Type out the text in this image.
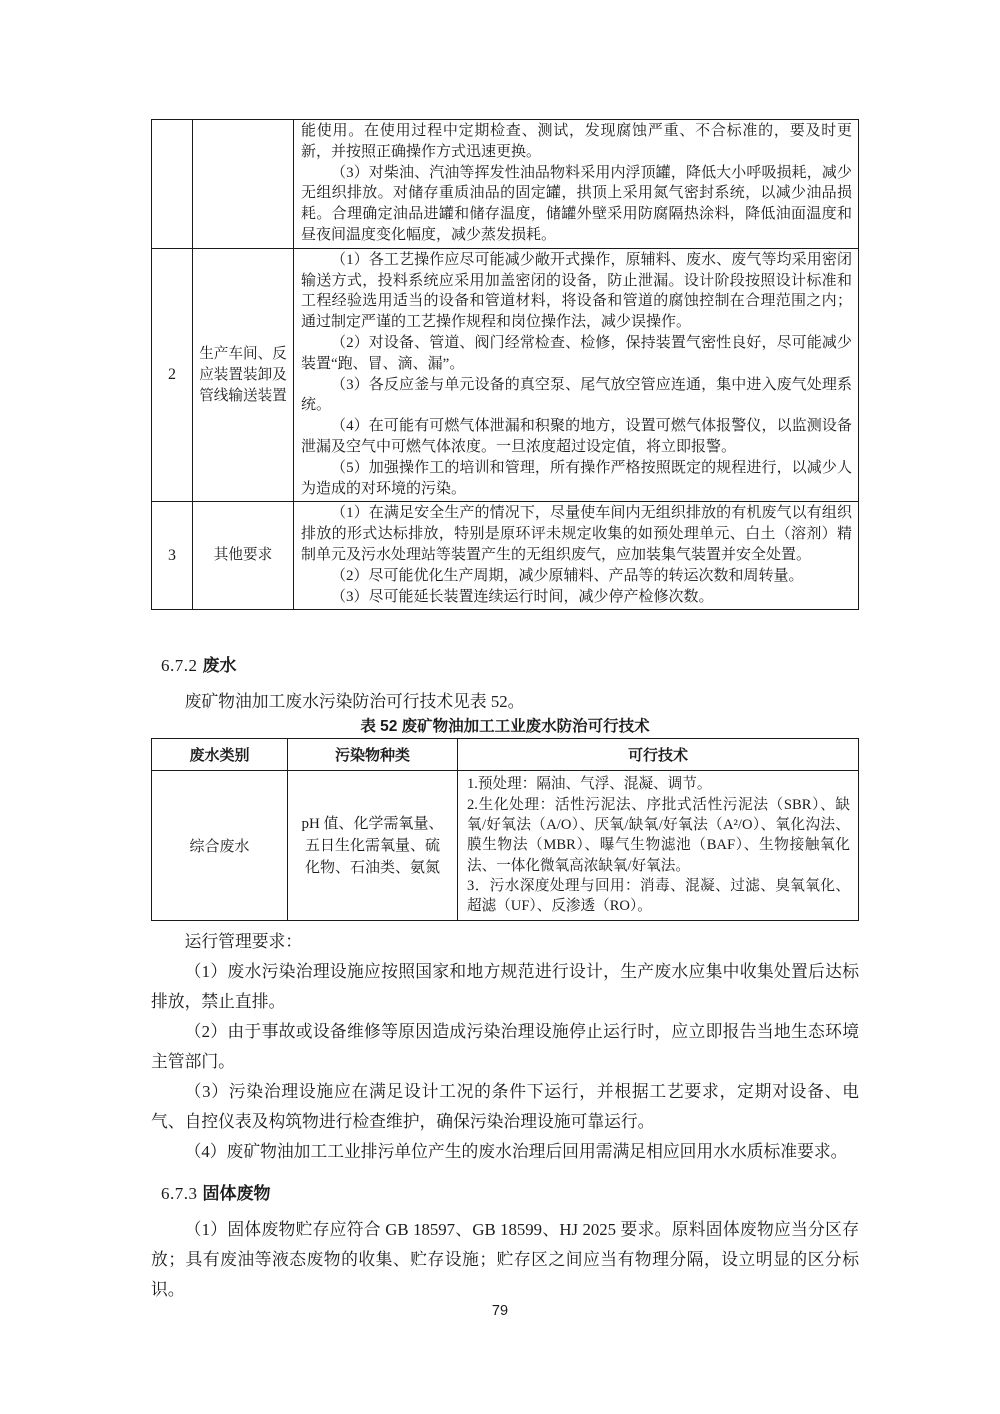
		能使用。在使用过程中定期检查、测试，发现腐蚀严重、不合标准的，要及时更新，并按照正确操作方式迅速更换。

（3）对柴油、汽油等挥发性油品物料采用内浮顶罐，降低大小呼吸损耗，减少无组织排放。对储存重质油品的固定罐，拱顶上采用氮气密封系统，以减少油品损耗。合理确定油品进罐和储存温度，储罐外壁采用防腐隔热涂料，降低油面温度和昼夜间温度变化幅度，减少蒸发损耗。

2	生产车间、反应装置装卸及管线输送装置	（1）各工艺操作应尽可能减少敞开式操作，原辅料、废水、废气等均采用密闭输送方式，投料系统应采用加盖密闭的设备，防止泄漏。设计阶段按照设计标准和工程经验选用适当的设备和管道材料，将设备和管道的腐蚀控制在合理范围之内；通过制定严谨的工艺操作规程和岗位操作法，减少误操作。

（2）对设备、管道、阀门经常检查、检修，保持装置气密性良好，尽可能减少装置“跑、冒、滴、漏”。

（3）各反应釜与单元设备的真空泵、尾气放空管应连通，集中进入废气处理系统。

（4）在可能有可燃气体泄漏和积聚的地方，设置可燃气体报警仪，以监测设备泄漏及空气中可燃气体浓度。一旦浓度超过设定值，将立即报警。

（5）加强操作工的培训和管理，所有操作严格按照既定的规程进行，以减少人为造成的对环境的污染。

3	其他要求	（1）在满足安全生产的情况下，尽量使车间内无组织排放的有机废气以有组织排放的形式达标排放，特别是原环评未规定收集的如预处理单元、白土（溶剂）精制单元及污水处理站等装置产生的无组织废气，应加装集气装置并安全处置。

（2）尽可能优化生产周期，减少原辅料、产品等的转运次数和周转量。

（3）尽可能延长装置连续运行时间，减少停产检修次数。

6.7.2 废水

废矿物油加工废水污染防治可行技术见表 52。

表 52 废矿物油加工工业废水防治可行技术

废水类别	污染物种类	可行技术
综合废水	pH 值、化学需氧量、五日生化需氧量、硫化物、石油类、氨氮	1.预处理：隔油、气浮、混凝、调节。

2.生化处理：活性污泥法、序批式活性污泥法（SBR）、缺氧/好氧法（A/O）、厌氧/缺氧/好氧法（A²/O）、氧化沟法、膜生物法（MBR）、曝气生物滤池（BAF）、生物接触氧化法、一体化微氧高浓缺氧/好氧法。

3．污水深度处理与回用：消毒、混凝、过滤、臭氧氧化、超滤（UF）、反渗透（RO）。

运行管理要求：

（1）废水污染治理设施应按照国家和地方规范进行设计，生产废水应集中收集处置后达标排放，禁止直排。

（2）由于事故或设备维修等原因造成污染治理设施停止运行时，应立即报告当地生态环境主管部门。

（3）污染治理设施应在满足设计工况的条件下运行，并根据工艺要求，定期对设备、电气、自控仪表及构筑物进行检查维护，确保污染治理设施可靠运行。

（4）废矿物油加工工业排污单位产生的废水治理后回用需满足相应回用水水质标准要求。

6.7.3 固体废物

（1）固体废物贮存应符合 GB 18597、GB 18599、HJ 2025 要求。原料固体废物应当分区存放；具有废油等液态废物的收集、贮存设施；贮存区之间应当有物理分隔，设立明显的区分标识。

79
